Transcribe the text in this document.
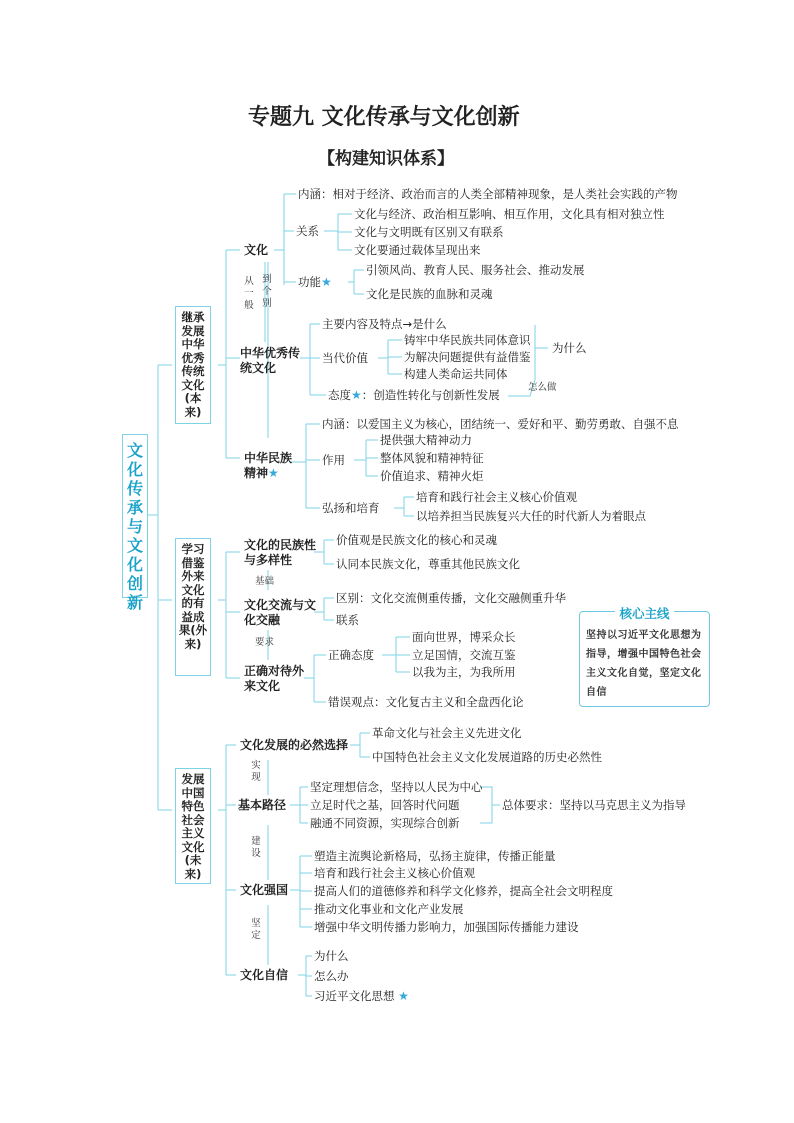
专题九 文化传承与文化创新
【构建知识体系】
文化传承与文化创新
继承发展中华优秀传统文化(本来)
文化
内涵：相对于经济、政治而言的人类全部精神现象，是人类社会实践的产物
关系
文化与经济、政治相互影响、相互作用，文化具有相对独立性
文化与文明既有区别又有联系
文化要通过载体呈现出来
功能★
引领风尚、教育人民、服务社会、推动发展
文化是民族的血脉和灵魂
从一般
到个别
中华优秀传统文化
主要内容及特点→是什么
当代价值
铸牢中华民族共同体意识
为解决问题提供有益借鉴
构建人类命运共同体
为什么
怎么做
态度★：创造性转化与创新性发展
中华民族精神★
内涵：以爱国主义为核心，团结统一、爱好和平、勤劳勇敢、自强不息
作用
提供强大精神动力
整体风貌和精神特征
价值追求、精神火炬
弘扬和培育
培育和践行社会主义核心价值观
以培养担当民族复兴大任的时代新人为着眼点
学习借鉴外来文化的有益成果(外来)
文化的民族性与多样性
价值观是民族文化的核心和灵魂
认同本民族文化，尊重其他民族文化
基础
文化交流与文化交融
区别：文化交流侧重传播，文化交融侧重升华
联系
要求
正确对待外来文化
正确态度
面向世界，博采众长
立足国情，交流互鉴
以我为主，为我所用
错误观点：文化复古主义和全盘西化论
核心主线
坚持以习近平文化思想为指导，增强中国特色社会主义文化自觉，坚定文化自信
发展中国特色社会主义文化(未来)
文化发展的必然选择
革命文化与社会主义先进文化
中国特色社会主义文化发展道路的历史必然性
实现
基本路径
坚定理想信念，坚持以人民为中心
立足时代之基，回答时代问题
融通不同资源，实现综合创新
总体要求：坚持以马克思主义为指导
建设
文化强国
塑造主流舆论新格局，弘扬主旋律，传播正能量
培育和践行社会主义核心价值观
提高人们的道德修养和科学文化修养，提高全社会文明程度
推动文化事业和文化产业发展
增强中华文明传播力影响力，加强国际传播能力建设
坚定
文化自信
为什么
怎么办
习近平文化思想 ★
